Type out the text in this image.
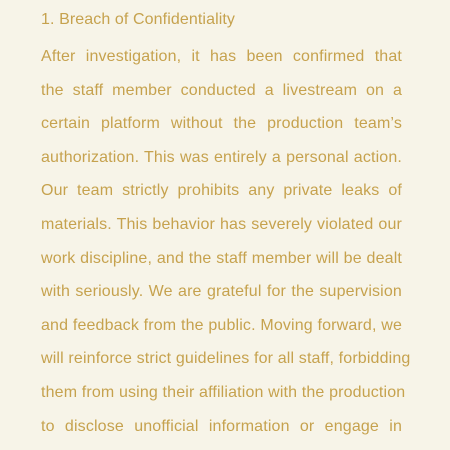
1. Breach of Confidentiality
After investigation, it has been confirmed that
the staff member conducted a livestream on a
certain platform without the production team’s
authorization. This was entirely a personal action.
Our team strictly prohibits any private leaks of
materials. This behavior has severely violated our
work discipline, and the staff member will be dealt
with seriously. We are grateful for the supervision
and feedback from the public. Moving forward, we
will reinforce strict guidelines for all staff, forbidding
them from using their affiliation with the production
to disclose unofficial information or engage in
